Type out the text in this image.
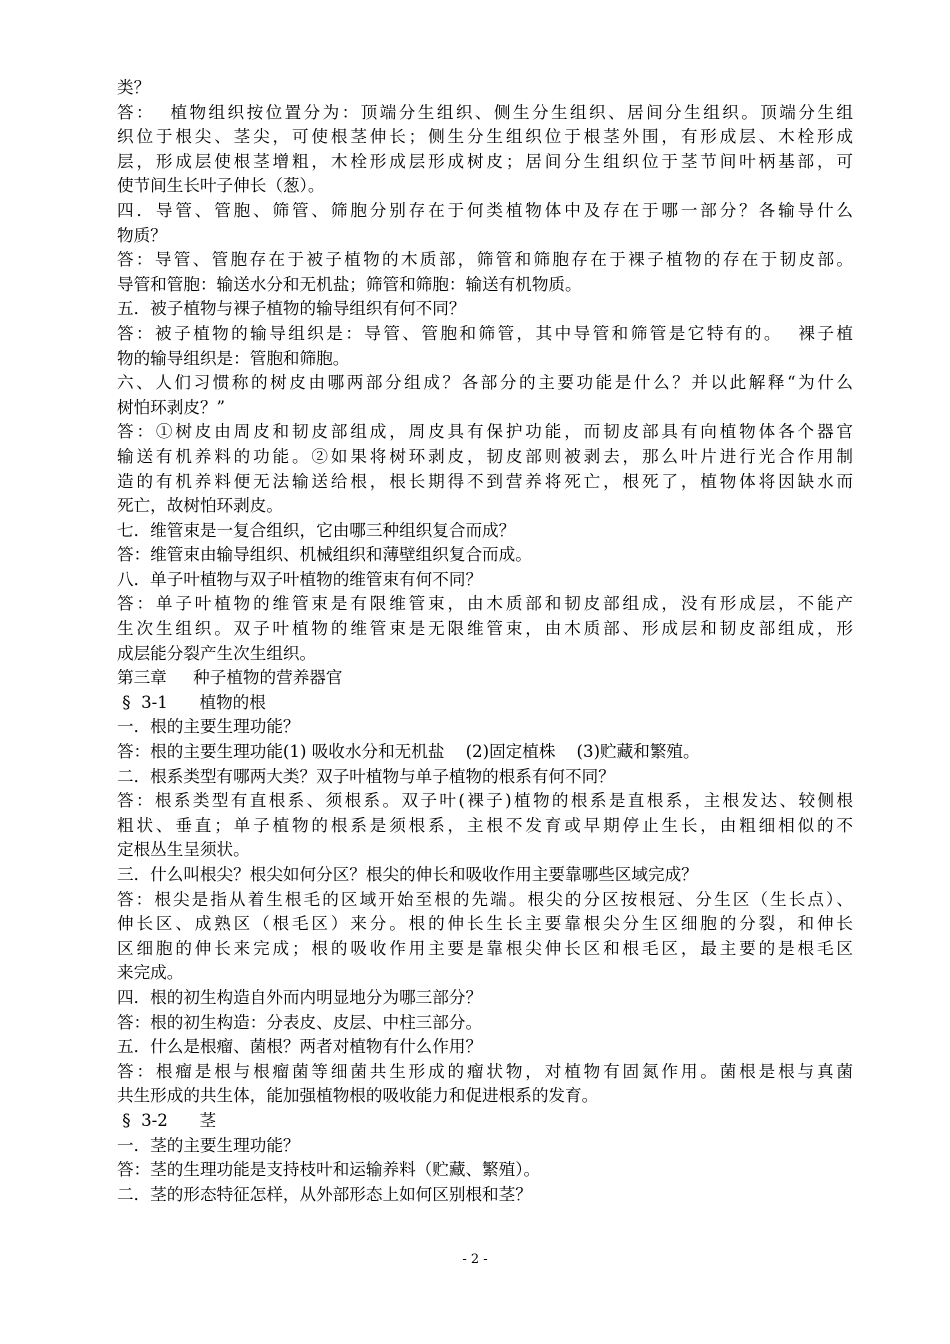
类？
答：  植物组织按位置分为：顶端分生组织、侧生分生组织、居间分生组织。顶端分生组
织位于根尖、茎尖，可使根茎伸长；侧生分生组织位于根茎外围，有形成层、木栓形成
层，形成层使根茎增粗，木栓形成层形成树皮；居间分生组织位于茎节间叶柄基部，可
使节间生长叶子伸长（葱）。
四．导管、管胞、筛管、筛胞分别存在于何类植物体中及存在于哪一部分？各输导什么
物质？
答：导管、管胞存在于被子植物的木质部，筛管和筛胞存在于裸子植物的存在于韧皮部。
导管和管胞：输送水分和无机盐；筛管和筛胞：输送有机物质。
五．被子植物与裸子植物的输导组织有何不同？
答：被子植物的输导组织是：导管、管胞和筛管，其中导管和筛管是它特有的。  裸子植
物的输导组织是：管胞和筛胞。
六、人们习惯称的树皮由哪两部分组成？各部分的主要功能是什么？并以此解释“为什么
树怕环剥皮？”
答：①树皮由周皮和韧皮部组成，周皮具有保护功能，而韧皮部具有向植物体各个器官
输送有机养料的功能。②如果将树环剥皮，韧皮部则被剥去，那么叶片进行光合作用制
造的有机养料便无法输送给根，根长期得不到营养将死亡，根死了，植物体将因缺水而
死亡，故树怕环剥皮。
七．维管束是一复合组织，它由哪三种组织复合而成？
答：维管束由输导组织、机械组织和薄壁组织复合而成。
八．单子叶植物与双子叶植物的维管束有何不同？
答：单子叶植物的维管束是有限维管束，由木质部和韧皮部组成，没有形成层，不能产
生次生组织。双子叶植物的维管束是无限维管束，由木质部、形成层和韧皮部组成，形
成层能分裂产生次生组织。
第三章     种子植物的营养器官
§  3-1      植物的根
一．根的主要生理功能？
答：根的主要生理功能(1) 吸收水分和无机盐    (2)固定植株    (3)贮藏和繁殖。
二．根系类型有哪两大类？双子叶植物与单子植物的根系有何不同？
答：根系类型有直根系、须根系。双子叶(裸子)植物的根系是直根系，主根发达、较侧根
粗状、垂直；单子植物的根系是须根系，主根不发育或早期停止生长，由粗细相似的不
定根丛生呈须状。
三．什么叫根尖？根尖如何分区？根尖的伸长和吸收作用主要靠哪些区域完成？
答：根尖是指从着生根毛的区域开始至根的先端。根尖的分区按根冠、分生区（生长点）、
伸长区、成熟区（根毛区）来分。根的伸长生长主要靠根尖分生区细胞的分裂，和伸长
区细胞的伸长来完成；根的吸收作用主要是靠根尖伸长区和根毛区，最主要的是根毛区
来完成。
四．根的初生构造自外而内明显地分为哪三部分？
答：根的初生构造：分表皮、皮层、中柱三部分。
五．什么是根瘤、菌根？两者对植物有什么作用？
答：根瘤是根与根瘤菌等细菌共生形成的瘤状物，对植物有固氮作用。菌根是根与真菌
共生形成的共生体，能加强植物根的吸收能力和促进根系的发育。
§  3-2      茎
一．茎的主要生理功能？
答：茎的生理功能是支持枝叶和运输养料（贮藏、繁殖）。
二．茎的形态特征怎样，从外部形态上如何区别根和茎？
- 2 -
